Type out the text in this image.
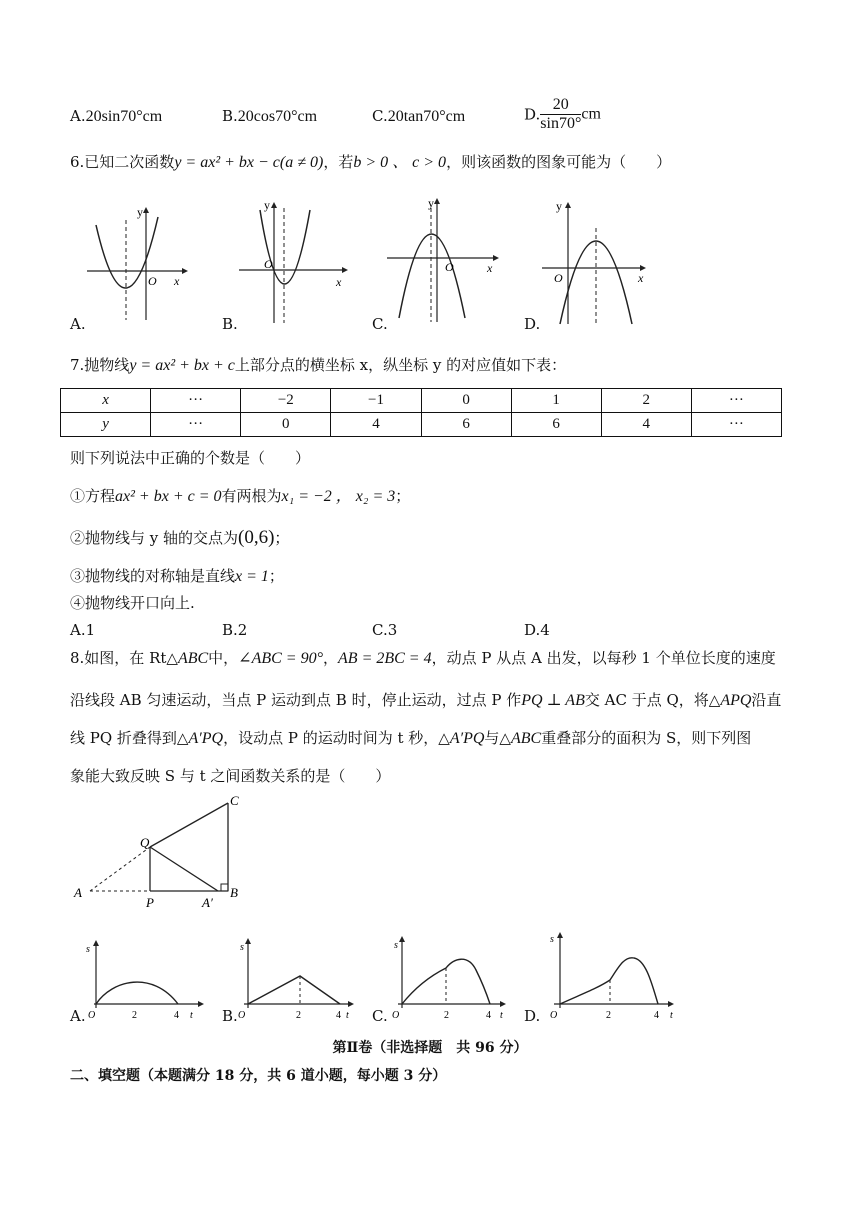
A.20sin70°cm	B.20cos70°cm	C.20tan70°cm	D. $\frac{20}{\sin 70^\circ}$ cm
6.已知二次函数y = ax² + bx − c(a ≠ 0)，若b > 0 、 c > 0，则该函数的图象可能为（　　）
y
x
O
A.
y
x
O
B.
y
x
O
C.
y
x
O
D.
7.抛物线y = ax² + bx + c上部分点的横坐标 x，纵坐标 y 的对应值如下表：
x	···	−2	−1	0	1	2	···
y	···	0	4	6	6	4	···
则下列说法中正确的个数是（　　）
①方程ax² + bx + c = 0有两根为x₁ = −2 ， x₂ = 3；
②抛物线与 y 轴的交点为(0,6)；
③抛物线的对称轴是直线x = 1；
④抛物线开口向上.
A.1	B.2	C.3	D.4
8.如图，在 Rt△ABC中，∠ABC = 90°，AB = 2BC = 4，动点 P 从点 A 出发，以每秒 1 个单位长度的速度
沿线段 AB 匀速运动，当点 P 运动到点 B 时，停止运动，过点 P 作PQ ⊥ AB交 AC 于点 Q，将△APQ沿直
线 PQ 折叠得到△A′PQ，设动点 P 的运动时间为 t 秒，△A′PQ与△ABC重叠部分的面积为 S，则下列图
象能大致反映 S 与 t 之间函数关系的是（　　）
A
P	A′
B
C
Q
s
O	2	4 t
A.
s
O	2	4 t
B.
s
O	2	4 t
C.
s
O	2	4 t
D.
第Ⅱ卷（非选择题　共 96 分）
二、填空题（本题满分 18 分，共 6 道小题，每小题 3 分）
